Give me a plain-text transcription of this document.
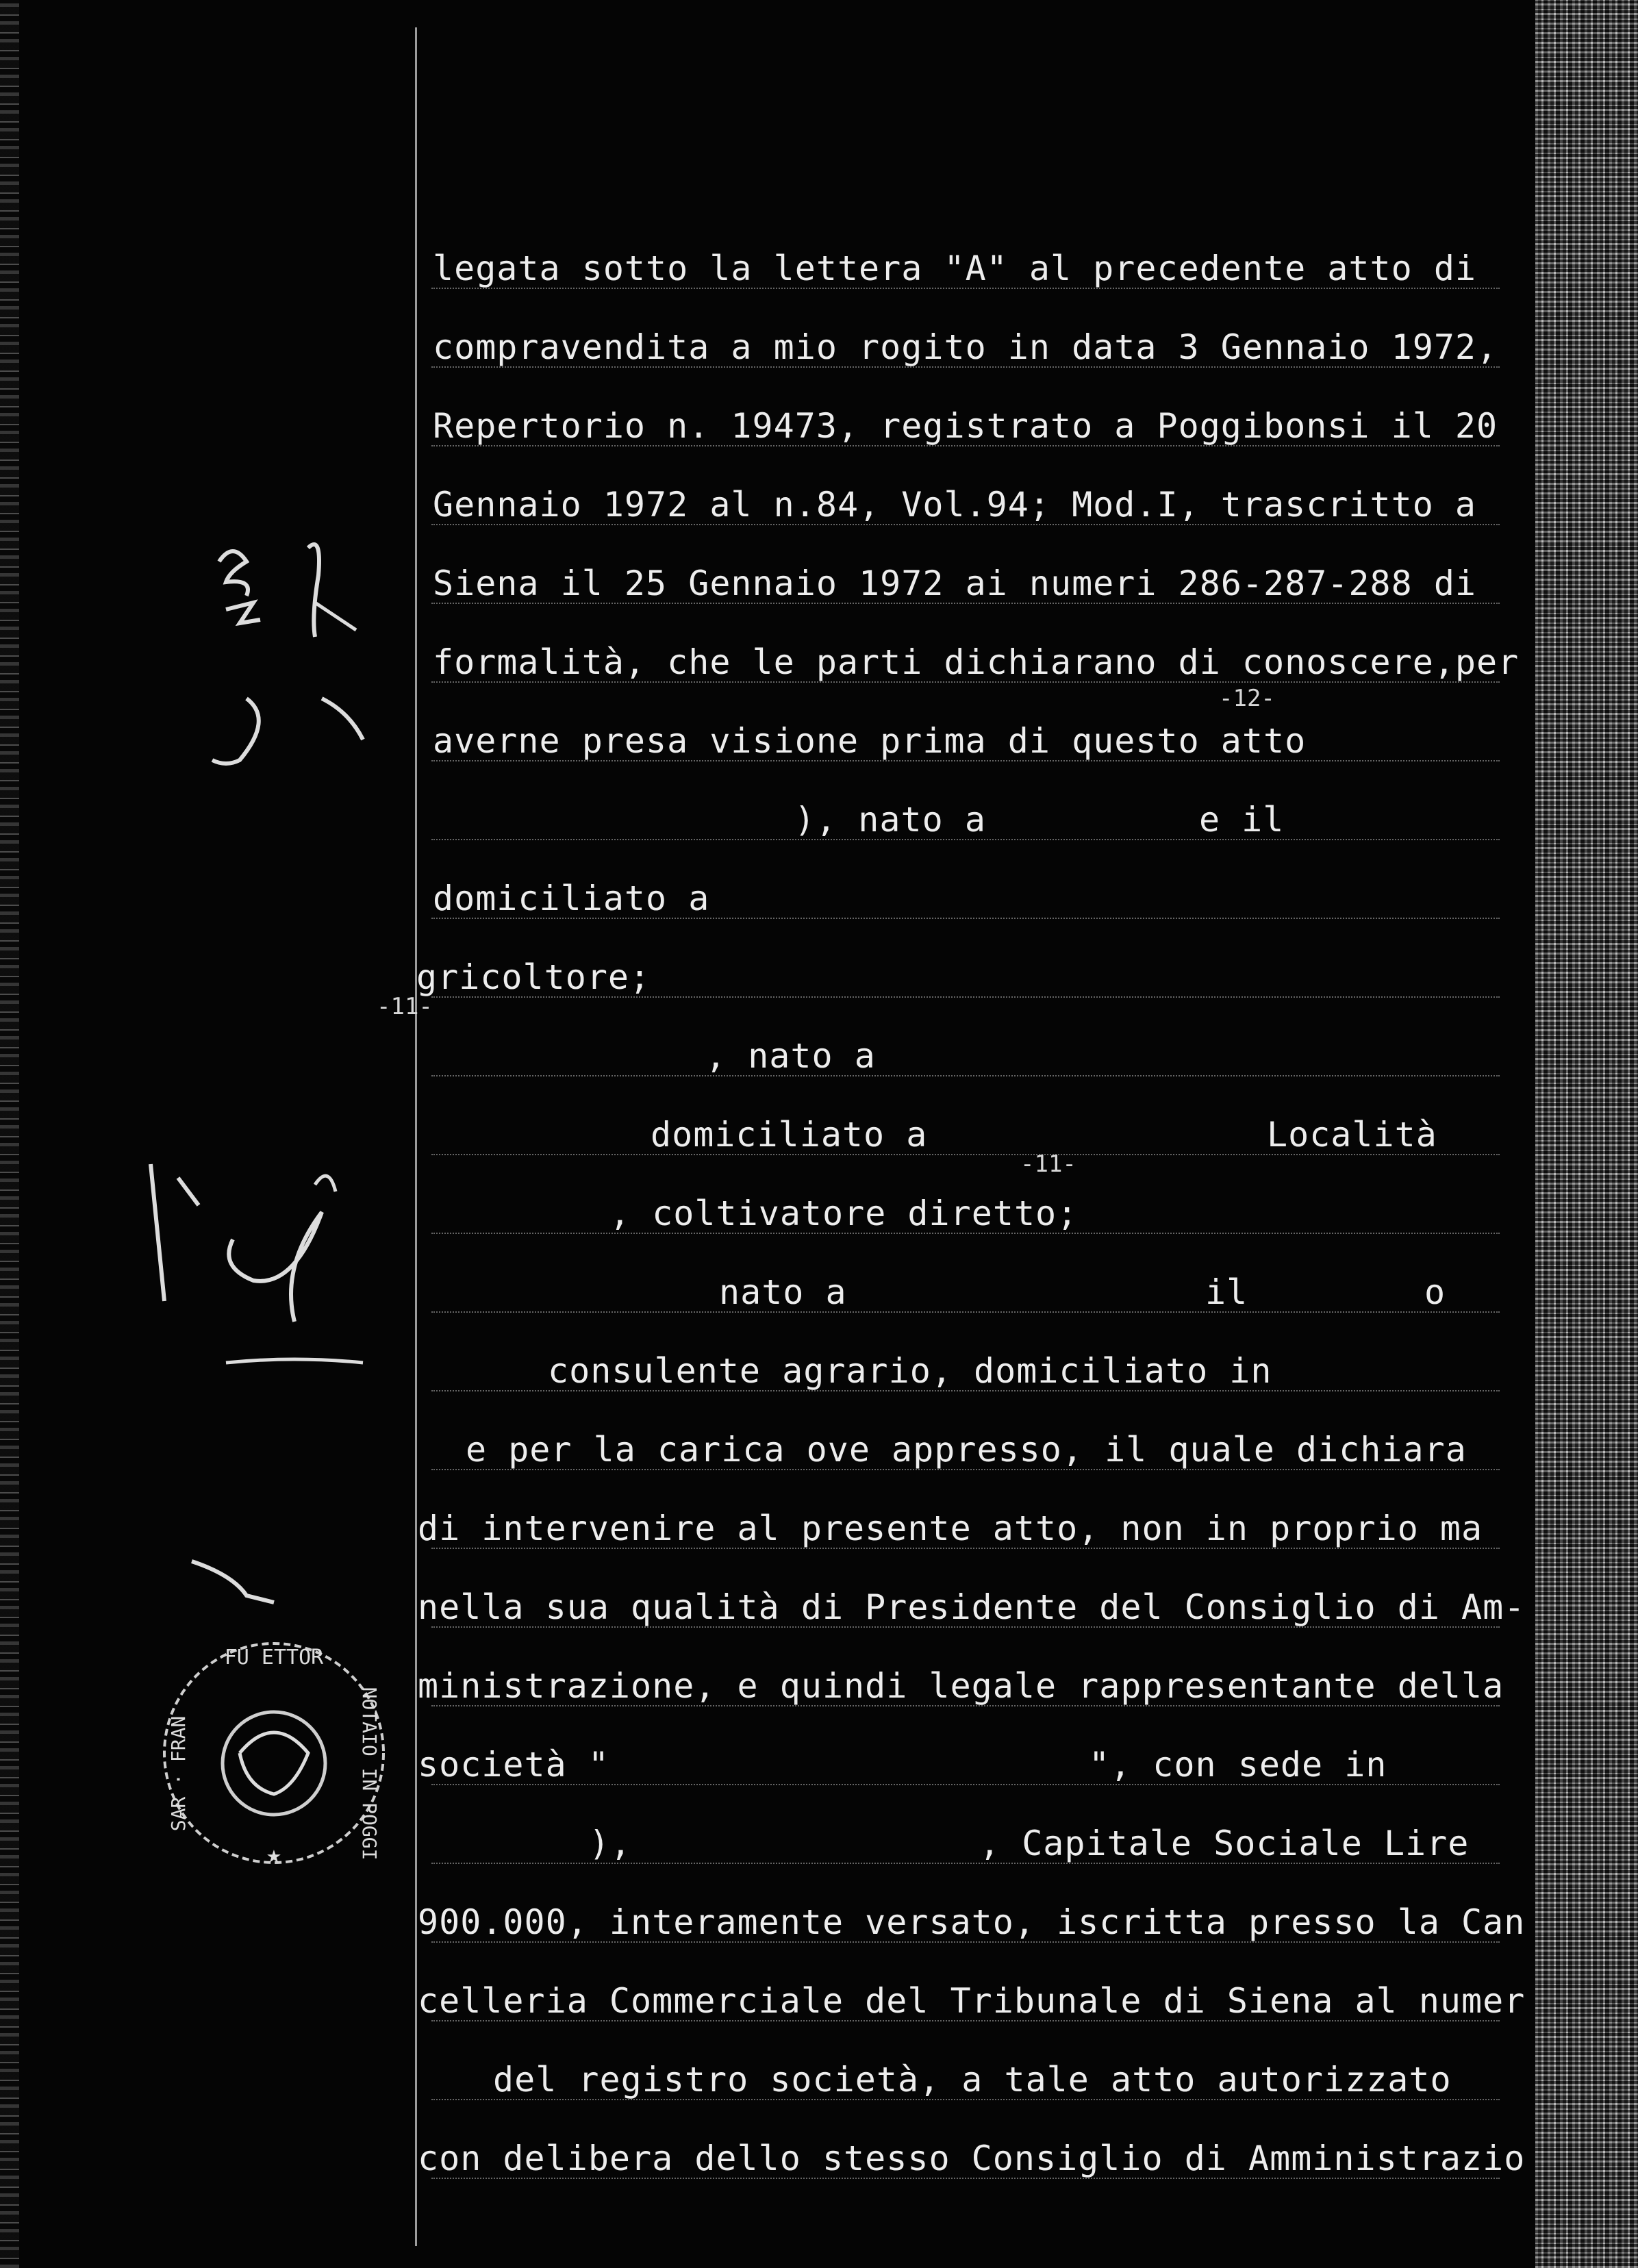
FU ETTOR
NOTAIO IN POGGI
SAR · FRAN
★
legata sotto la lettera "A" al precedente atto di
compravendita a mio rogito in data 3 Gennaio 1972,
Repertorio n. 19473, registrato a Poggibonsi il 20
Gennaio 1972 al n.84, Vol.94; Mod.I, trascritto a
Siena il 25 Gennaio 1972 ai numeri 286-287-288 di
formalità, che le parti dichiarano di conoscere,per
averne presa visione prima di questo atto
-12-
), nato a          e il
domiciliato a
gricoltore;
-11-
, nato a
domiciliato a	Località
, coltivatore diretto;
-11-
nato a	il	o
consulente agrario, domiciliato in
e per la carica ove appresso, il quale dichiara
di intervenire al presente atto, non in proprio ma
nella sua qualità di Presidente del Consiglio di Am-
ministrazione, e quindi legale rappresentante della
società "	", con sede in
),	, Capitale Sociale Lire
900.000, interamente versato, iscritta presso la Can
celleria Commerciale del Tribunale di Siena al numer
del registro società, a tale atto autorizzato
con delibera dello stesso Consiglio di Amministrazio
